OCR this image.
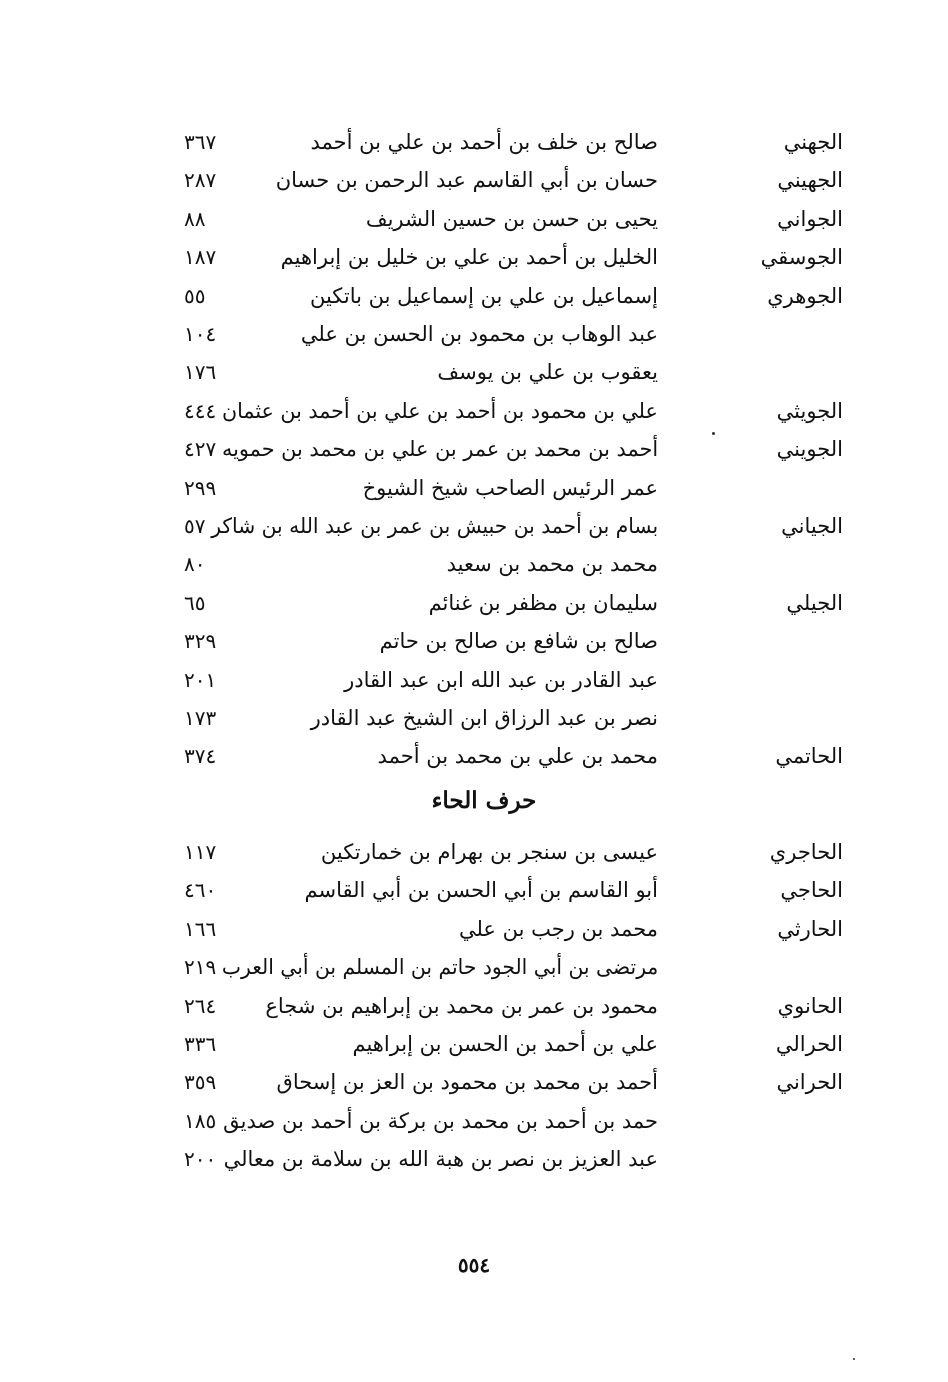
الجهني
صالح بن خلف بن أحمد بن علي بن أحمد
٣٦٧
الجهيني
حسان بن أبي القاسم عبد الرحمن بن حسان
٢٨٧
الجواني
يحيى بن حسن بن حسين الشريف
٨٨
الجوسقي
الخليل بن أحمد بن علي بن خليل بن إبراهيم
١٨٧
الجوهري
إسماعيل بن علي بن إسماعيل بن باتكين
٥٥
عبد الوهاب بن محمود بن الحسن بن علي
١٠٤
يعقوب بن علي بن يوسف
١٧٦
الجويثي
علي بن محمود بن أحمد بن علي بن أحمد بن عثمان
٤٤٤
الجويني
أحمد بن محمد بن عمر بن علي بن محمد بن حمويه
٤٢٧
عمر الرئيس الصاحب شيخ الشيوخ
٢٩٩
الجياني
بسام بن أحمد بن حبيش بن عمر بن عبد الله بن شاكر
٥٧
محمد بن محمد بن سعيد
٨٠
الجيلي
سليمان بن مظفر بن غنائم
٦٥
صالح بن شافع بن صالح بن حاتم
٣٢٩
عبد القادر بن عبد الله ابن عبد القادر
٢٠١
نصر بن عبد الرزاق ابن الشيخ عبد القادر
١٧٣
الحاتمي
محمد بن علي بن محمد بن أحمد
٣٧٤
حرف الحاء
الحاجري
عيسى بن سنجر بن بهرام بن خمارتكين
١١٧
الحاجي
أبو القاسم بن أبي الحسن بن أبي القاسم
٤٦٠
الحارثي
محمد بن رجب بن علي
١٦٦
مرتضى بن أبي الجود حاتم بن المسلم بن أبي العرب
٢١٩
الحانوي
محمود بن عمر بن محمد بن إبراهيم بن شجاع
٢٦٤
الحرالي
علي بن أحمد بن الحسن بن إبراهيم
٣٣٦
الحراني
أحمد بن محمد بن محمود بن العز بن إسحاق
٣٥٩
حمد بن أحمد بن محمد بن بركة بن أحمد بن صديق
١٨٥
عبد العزيز بن نصر بن هبة الله بن سلامة بن معالي
٢٠٠
٥٥٤
